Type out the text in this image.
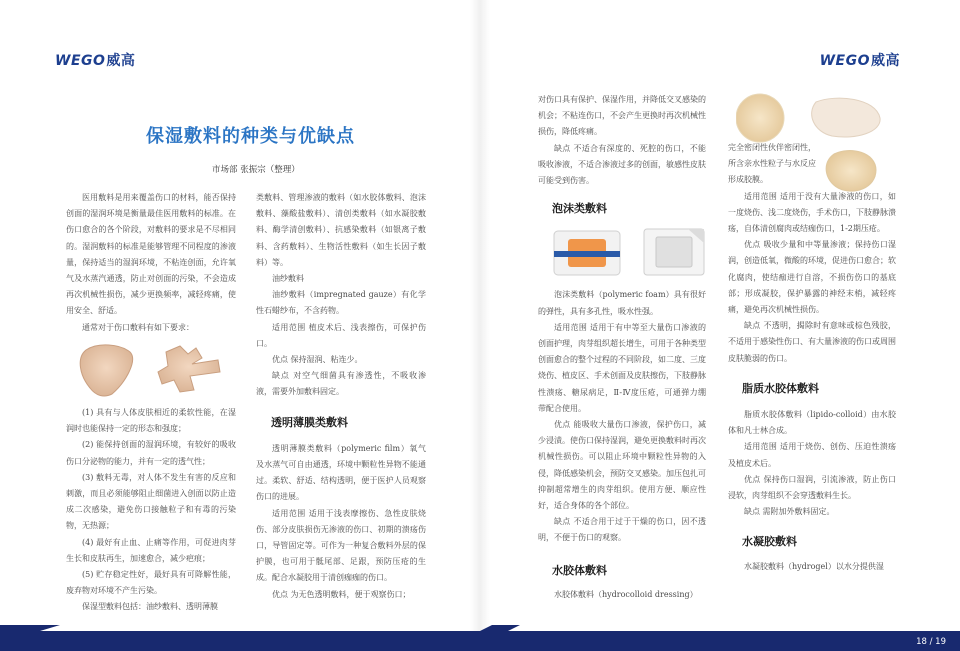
WEGO威高
保湿敷料的种类与优缺点
市场部 张振宗（整理）

医用敷料是用来覆盖伤口的材料，能否保持创面的湿润环境是衡量最佳医用敷料的标准。在伤口愈合的各个阶段，对敷料的要求是不尽相同的。湿润敷料的标准是能够管理不同程度的渗液量，保持适当的湿润环境，不粘连创面，允许氧气及水蒸汽通透，防止对创面的污染，不会造成再次机械性损伤，减少更换频率，减轻疼痛，使用安全、舒适。

通常对于伤口敷料有如下要求：

(1) 具有与人体皮肤相近的柔软性能，在湿润时也能保持一定的形态和强度；

(2) 能保持创面的湿润环境，有较好的吸收伤口分泌物的能力，并有一定的透气性；

(3) 敷料无毒，对人体不发生有害的反应和刺激，而且必须能够阻止细菌进入创面以防止造成二次感染，避免伤口接触粒子和有毒的污染物，无热源；

(4) 最好有止血、止痛等作用，可促进肉芽生长和皮肤再生，加速愈合，减少疤痕；

(5) 贮存稳定性好，最好具有可降解性能，废弃物对环境不产生污染。

保湿型敷料包括：油纱敷料、透明薄膜

类敷料、管理渗液的敷料（如水胶体敷料、泡沫敷料、藻酸盐敷料）、清创类敷料（如水凝胶敷料、酶学清创敷料）、抗感染敷料（如银离子敷料、含药敷料）、生物活性敷料（如生长因子敷料）等。

油纱敷料

油纱敷料（impregnated gauze）有化学性石蜡纱布，不含药物。

适用范围 植皮术后、浅表擦伤，可保护伤口。

优点 保持湿润、粘连少。

缺点 对空气细菌具有渗透性，不吸收渗液，需要外加敷料固定。

透明薄膜类敷料

透明薄膜类敷料（polymeric film）氧气及水蒸气可自由通透，环境中颗粒性异物不能通过。柔软、舒适、结构透明，便于医护人员观察伤口的进展。

适用范围 适用于浅表摩擦伤、急性皮肤烧伤、部分皮肤损伤无渗液的伤口、初期的溃疡伤口，导管固定等。可作为一种复合敷料外层的保护膜，也可用于骶尾部、足跟，预防压疮的生成。配合水凝胶用于清创痂痂的伤口。

优点 为无色透明敷料，便于观察伤口；

WEGO威高

对伤口具有保护、保湿作用，并降低交叉感染的机会；不粘连伤口，不会产生更换时再次机械性损伤，降低疼痛。

缺点 不适合有深度的、死腔的伤口，不能吸收渗液，不适合渗液过多的创面，敏感性皮肤可能受到伤害。

泡沫类敷料

泡沫类敷料（polymeric foam）具有很好的弹性，具有多孔性，吸水性强。

适用范围 适用于有中等至大量伤口渗液的创面护理，肉芽组织超长增生，可用于各种类型创面愈合的整个过程的不同阶段，如二度、三度烧伤、植皮区、手术创面及皮肤擦伤，下肢静脉性溃疡、糖尿病足，Ⅱ-Ⅳ度压疮，可通弹力绷带配合使用。

优点 能吸收大量伤口渗液，保护伤口，减少浸渍。使伤口保持湿润，避免更换敷料时再次机械性损伤。可以阻止环境中颗粒性异物的入侵，降低感染机会，预防交叉感染。加压包扎可抑制超常增生的肉芽组织。使用方便、顺应性好，适合身体的各个部位。

缺点 不适合用于过于干燥的伤口，因不透明，不便于伤口的观察。

水胶体敷料

水胶体敷料（hydrocolloid dressing）

完全密闭性伙伴密闭性，所含亲水性粒子与水反应形成胶膜。

适用范围 适用于没有大量渗液的伤口，如一度烧伤、浅二度烧伤，手术伤口，下肢静脉溃疡，自体清创腐肉或结痂伤口，1-2期压疮。

优点 吸收少量和中等量渗液；保持伤口湿润，创造低氧，微酸的环境，促进伤口愈合；软化腐肉，使结痂进行自溶，不损伤伤口的基底部；形成凝胶，保护暴露的神经末梢，减轻疼痛，避免再次机械性损伤。

缺点 不透明，揭除时有意味或棕色残胶，不适用于感染性伤口、有大量渗液的伤口或周围皮肤脆弱的伤口。

脂质水胶体敷料

脂质水胶体敷料（lipido-colloid）由水胶体和凡士林合成。

适用范围 适用于烧伤、创伤、压迫性溃疡及植皮术后。

优点 保持伤口湿润，引流渗液，防止伤口浸软，肉芽组织不会穿透敷料生长。

缺点 需附加外敷料固定。

水凝胶敷料

水凝胶敷料（hydrogel）以水分提供湿

18 / 19
